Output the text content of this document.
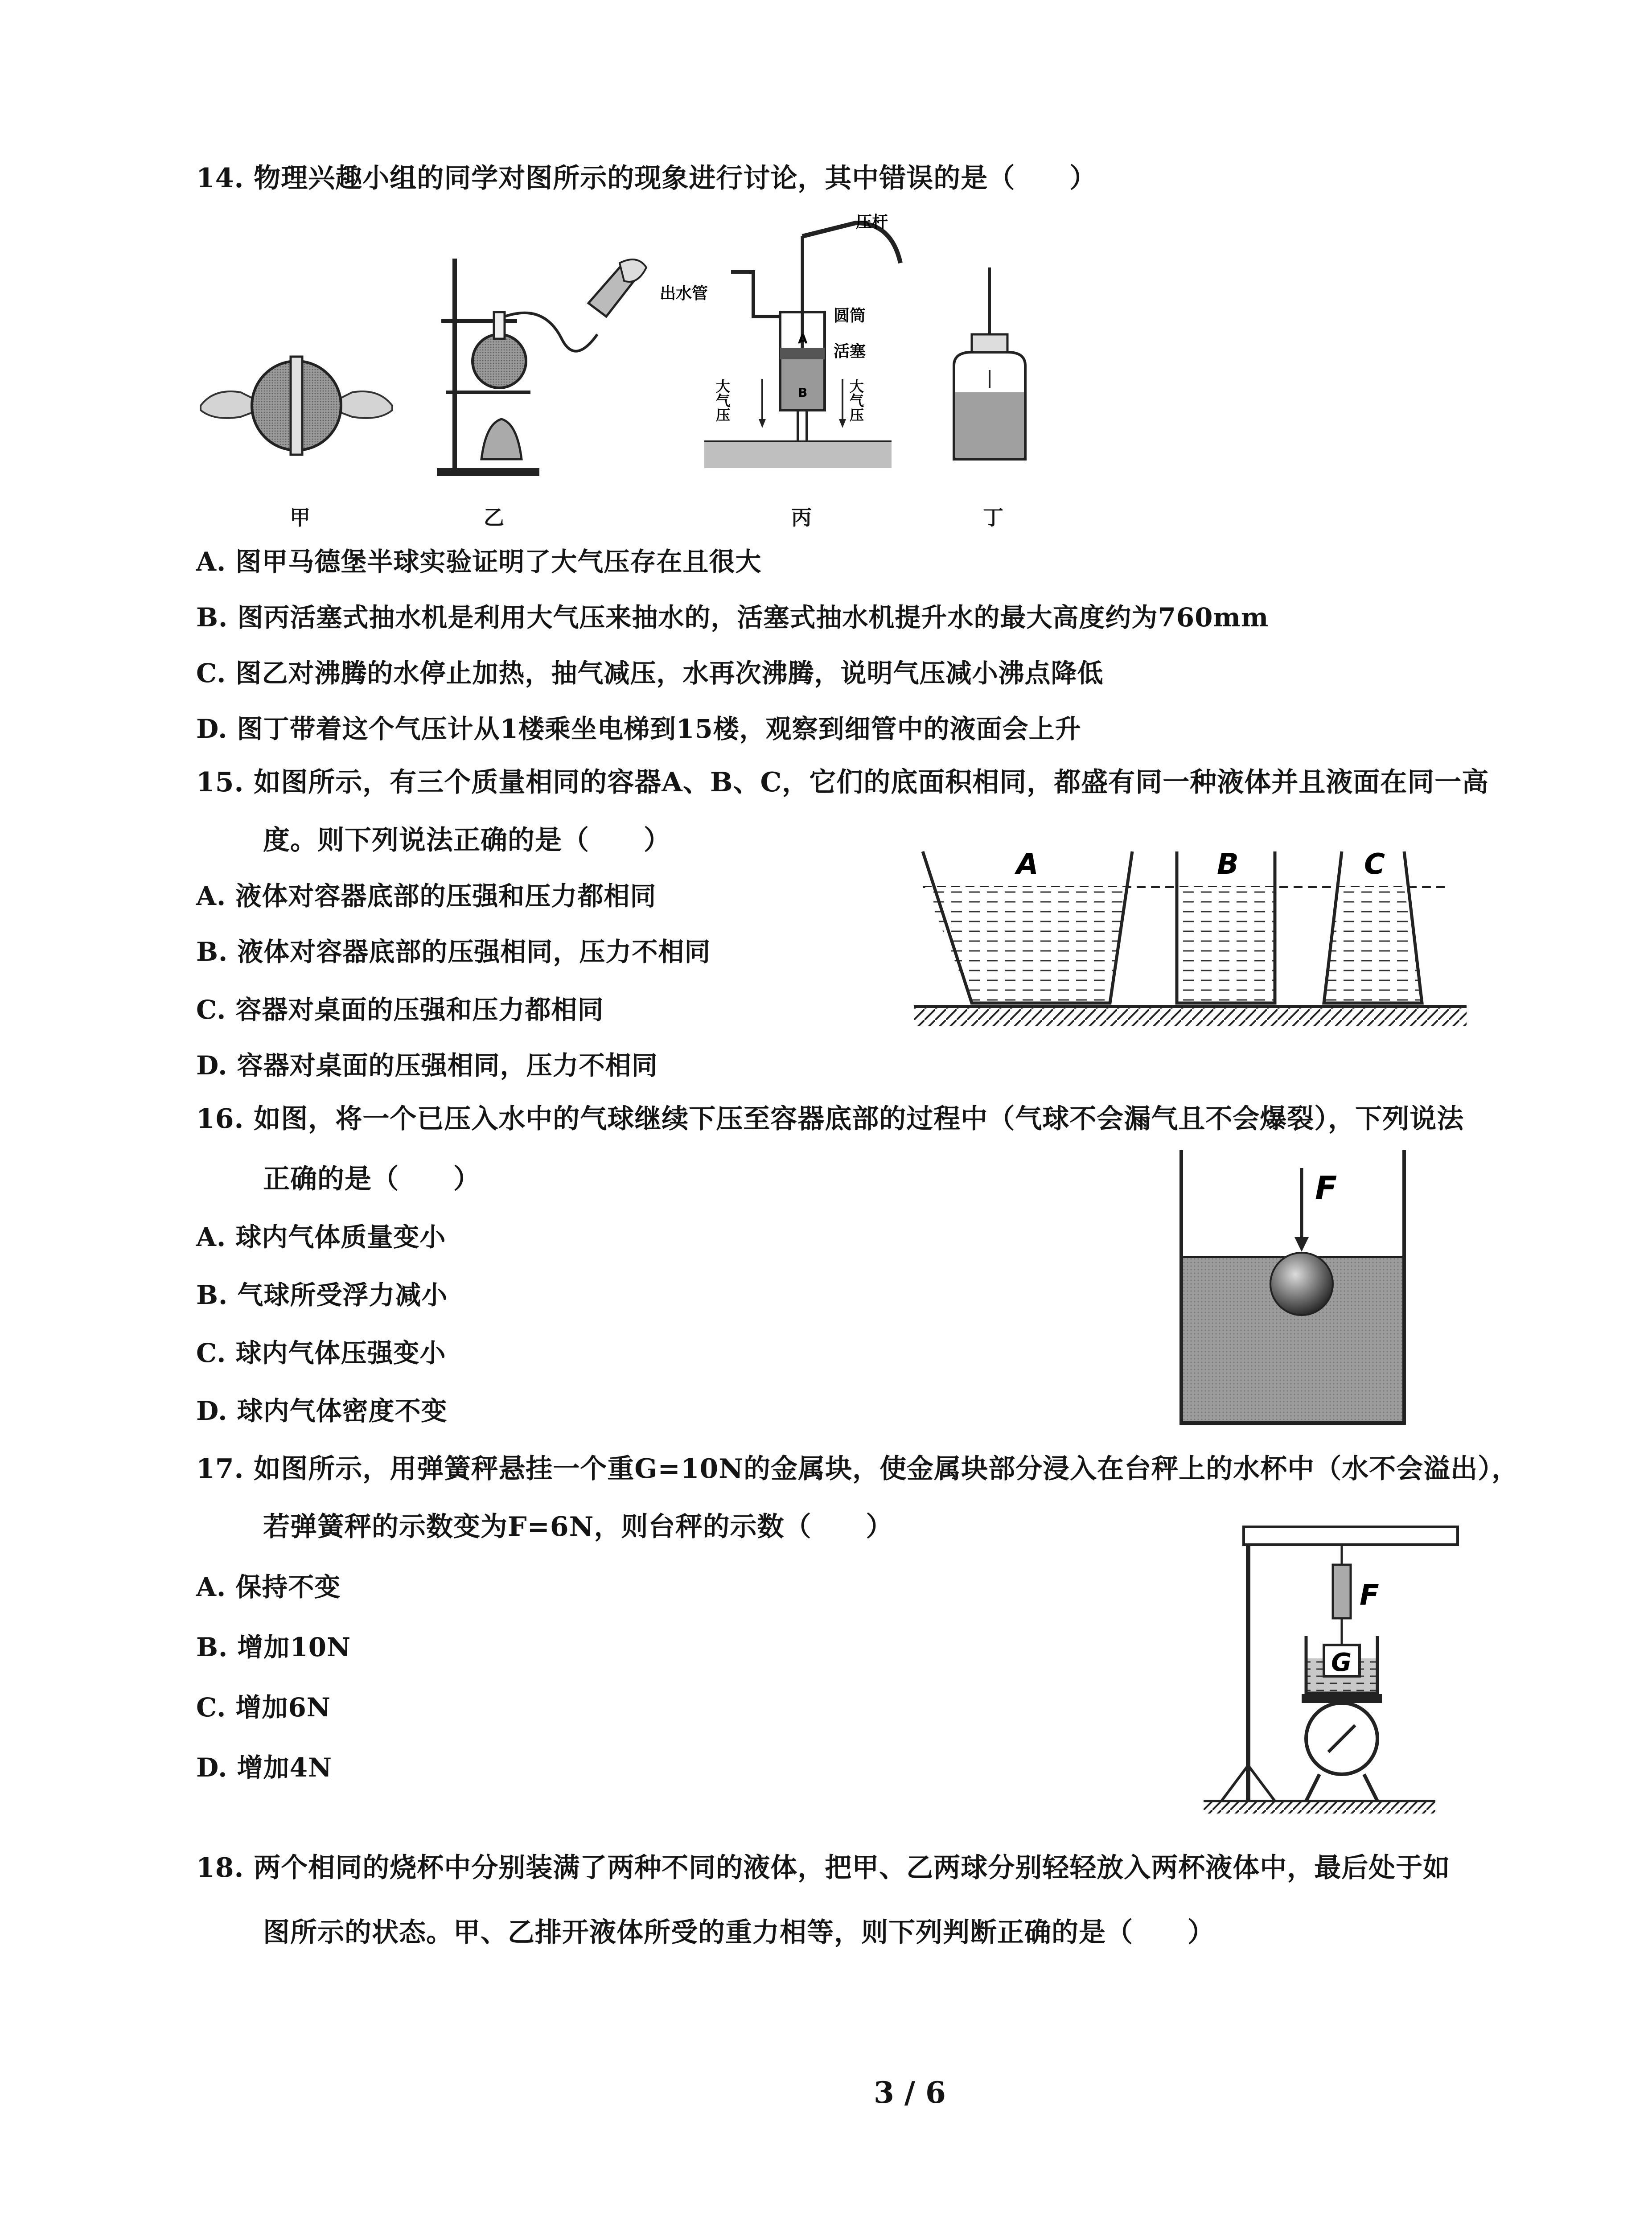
14. 物理兴趣小组的同学对图所示的现象进行讨论，其中错误的是（　　）
甲	乙
压杆
出水管
圆筒
活塞
A
B
大气压	大气压
丙	丁
A. 图甲马德堡半球实验证明了大气压存在且很大
B. 图丙活塞式抽水机是利用大气压来抽水的，活塞式抽水机提升水的最大高度约为760mm
C. 图乙对沸腾的水停止加热，抽气减压，水再次沸腾，说明气压减小沸点降低
D. 图丁带着这个气压计从1楼乘坐电梯到15楼，观察到细管中的液面会上升
15. 如图所示，有三个质量相同的容器A、B、C，它们的底面积相同，都盛有同一种液体并且液面在同一高
度。则下列说法正确的是（　　）
A	B	C
A. 液体对容器底部的压强和压力都相同
B. 液体对容器底部的压强相同，压力不相同
C. 容器对桌面的压强和压力都相同
D. 容器对桌面的压强相同，压力不相同
16. 如图，将一个已压入水中的气球继续下压至容器底部的过程中（气球不会漏气且不会爆裂），下列说法
正确的是（　　）	F
A. 球内气体质量变小
B. 气球所受浮力减小
C. 球内气体压强变小
D. 球内气体密度不变
17. 如图所示，用弹簧秤悬挂一个重G=10N的金属块，使金属块部分浸入在台秤上的水杯中（水不会溢出），
若弹簧秤的示数变为F=6N，则台秤的示数（　　）
F
G
A. 保持不变
B. 增加10N
C. 增加6N
D. 增加4N
18. 两个相同的烧杯中分别装满了两种不同的液体，把甲、乙两球分别轻轻放入两杯液体中，最后处于如
图所示的状态。甲、乙排开液体所受的重力相等，则下列判断正确的是（　　）
3 / 6
